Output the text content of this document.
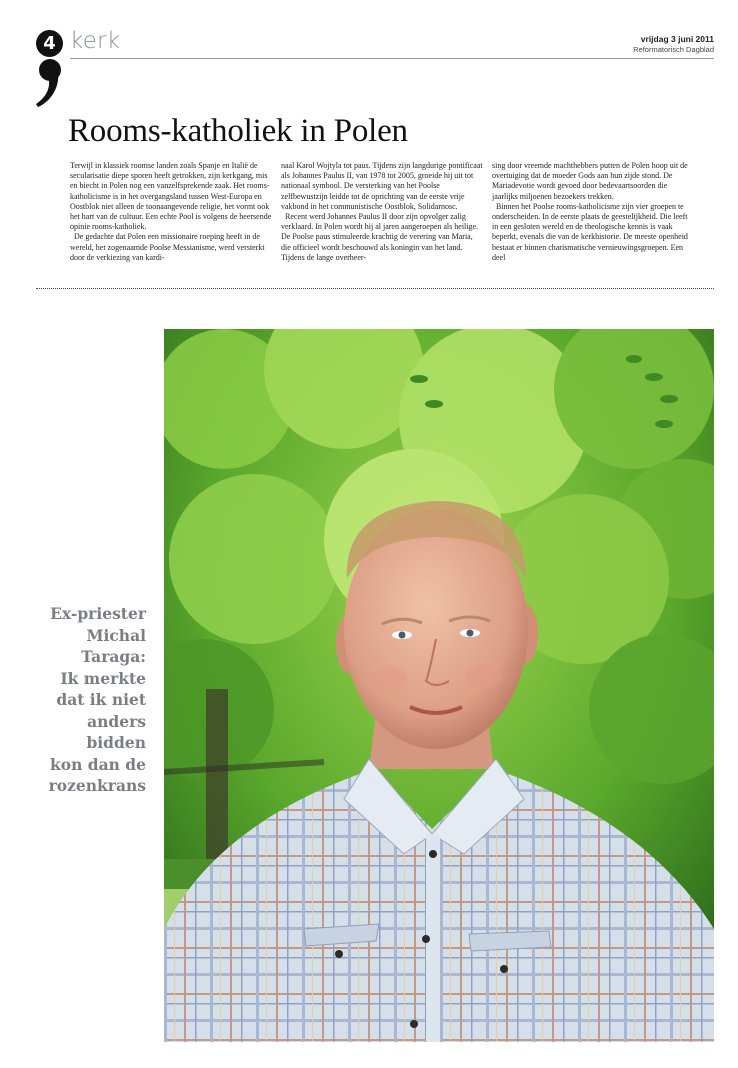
4 kerk	vrijdag 3 juni 2011
Reformatorisch Dagblad
Rooms-katholiek in Polen

Terwijl in klassiek roomse landen zoals Spanje en Italië de secularisatie diepe sporen heeft getrokken, zijn kerkgang, mis en biecht in Polen nog een vanzelfsprekende zaak. Het rooms-katholicisme is in het overgangsland tussen West-Europa en Oostblok niet alleen de toonaangevende religie, het vormt ook het hart van de cultuur. Een echte Pool is volgens de heersende opinie rooms-katholiek.

De gedachte dat Polen een missionaire roeping heeft in de wereld, het zogenaamde Poolse Messianisme, werd versterkt door de verkiezing van kardi-

naal Karol Wojtyla tot paus. Tijdens zijn langdurige pontificaat als Johannes Paulus II, van 1978 tot 2005, groeide hij uit tot nationaal symbool. De versterking van het Poolse zelfbewustzijn leidde tot de oprichting van de eerste vrije vakbond in het communistische Oostblok, Solidarnosc.

Recent werd Johannes Paulus II door zijn opvolger zalig verklaard. In Polen wordt hij al jaren aangeroepen als heilige. De Poolse paus stimuleerde krachtig de verering van Maria, die officieel wordt beschouwd als koningin van het land. Tijdens de lange overheer-

sing door vreemde machthebbers putten de Polen hoop uit de overtuiging dat de moeder Gods aan hun zijde stond. De Mariadevotie wordt gevoed door bedevaartsoorden die jaarlijks miljoenen bezoekers trekken.

Binnen het Poolse rooms-katholicisme zijn vier groepen te onderscheiden. In de eerste plaats de geestelijkheid. Die leeft in een gesloten wereld en de theologische kennis is vaak beperkt, evenals die van de kerkhistorie. De meeste openheid bestaat er binnen charismatische vernieuwingsgroepen. Een deel

Ex-priester
Michal
Taraga:
Ik merkte
dat ik niet
anders
bidden
kon dan de
rozenkrans
